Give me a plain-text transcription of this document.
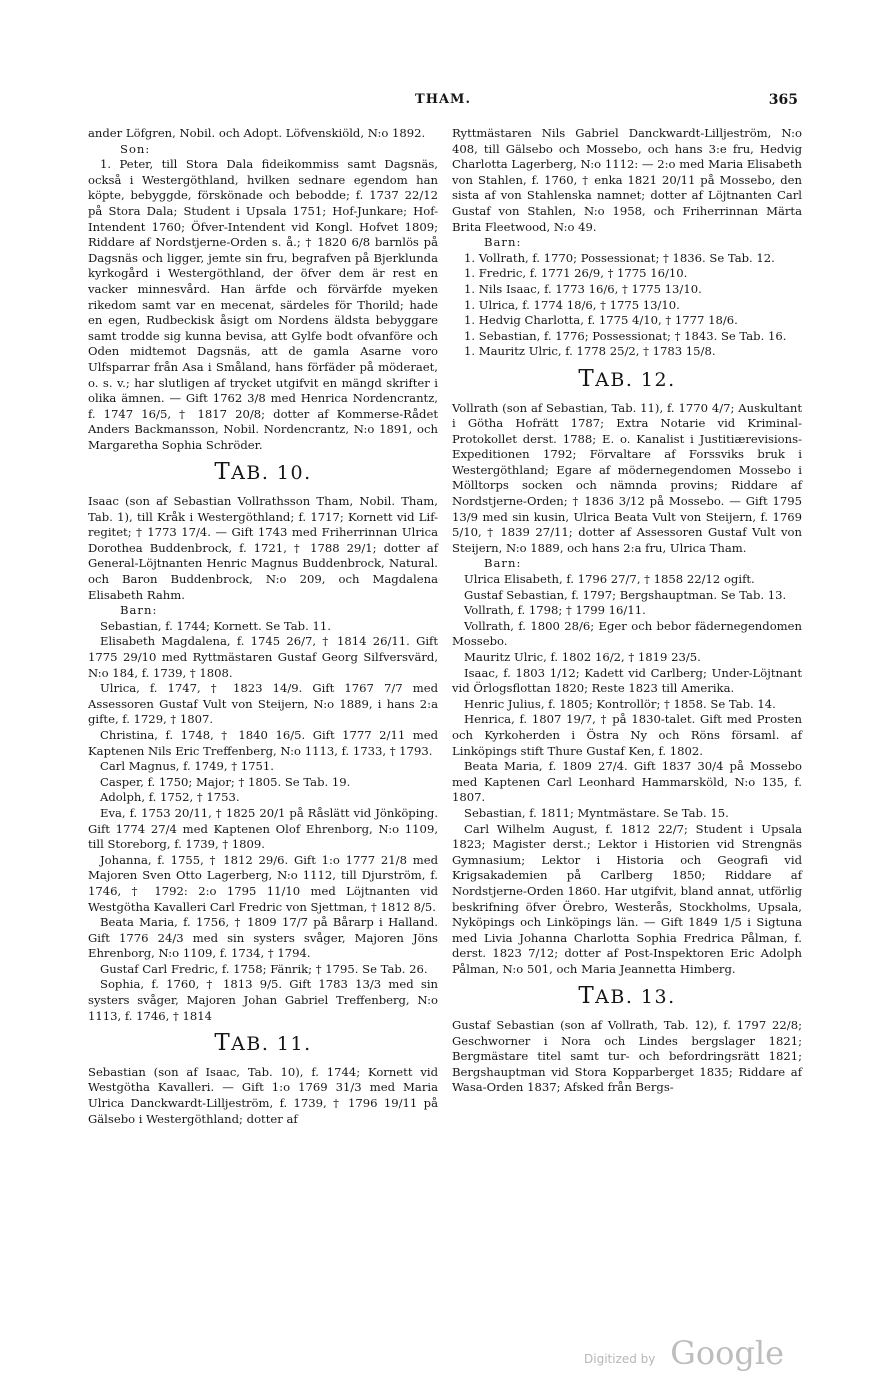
THAM.	365

ander Löfgren, Nobil. och Adopt. Löfvenskiöld, N:o 1892.

Son:

1. Peter, till Stora Dala fideikommiss samt Dagsnäs, också i Westergöthland, hvilken sednare egendom han köpte, bebyggde, förskönade och bebodde; f. 1737 22/12 på Stora Dala; Student i Upsala 1751; Hof-Junkare; Hof-Intendent 1760; Öfver-Intendent vid Kongl. Hofvet 1809; Riddare af Nordstjerne-Orden s. å.; † 1820 6/8 barnlös på Dagsnäs och ligger, jemte sin fru, begrafven på Bjerklunda kyrkogård i Westergöthland, der öfver dem är rest en vacker minnesvård. Han ärfde och förvärfde myeken rikedom samt var en mecenat, särdeles för Thorild; hade en egen, Rudbeckisk åsigt om Nordens äldsta bebyggare samt trodde sig kunna bevisa, att Gylfe bodt ofvanföre och Oden midtemot Dagsnäs, att de gamla Asarne voro Ulfsparrar från Asa i Småland, hans förfäder på möderaet, o. s. v.; har slutligen af trycket utgifvit en mängd skrifter i olika ämnen. — Gift 1762 3/8 med Henrica Nordencrantz, f. 1747 16/5, † 1817 20/8; dotter af Kommerse-Rådet Anders Backmansson, Nobil. Nordencrantz, N:o 1891, och Margaretha Sophia Schröder.

TAB. 10.

Isaac (son af Sebastian Vollrathsson Tham, Nobil. Tham, Tab. 1), till Kråk i Westergöthland; f. 1717; Kornett vid Lif-regitet; † 1773 17/4. — Gift 1743 med Friherrinnan Ulrica Dorothea Buddenbrock, f. 1721, † 1788 29/1; dotter af General-Löjtnanten Henric Magnus Buddenbrock, Natural. och Baron Buddenbrock, N:o 209, och Magdalena Elisabeth Rahm.

Barn:

Sebastian, f. 1744; Kornett. Se Tab. 11.

Elisabeth Magdalena, f. 1745 26/7, † 1814 26/11. Gift 1775 29/10 med Ryttmästaren Gustaf Georg Silfversvärd, N:o 184, f. 1739, † 1808.

Ulrica, f. 1747, † 1823 14/9. Gift 1767 7/7 med Assessoren Gustaf Vult von Steijern, N:o 1889, i hans 2:a gifte, f. 1729, † 1807.

Christina, f. 1748, † 1840 16/5. Gift 1777 2/11 med Kaptenen Nils Eric Treffenberg, N:o 1113, f. 1733, † 1793.

Carl Magnus, f. 1749, † 1751.

Casper, f. 1750; Major; † 1805. Se Tab. 19.

Adolph, f. 1752, † 1753.

Eva, f. 1753 20/11, † 1825 20/1 på Råslätt vid Jönköping. Gift 1774 27/4 med Kaptenen Olof Ehrenborg, N:o 1109, till Storeborg, f. 1739, † 1809.

Johanna, f. 1755, † 1812 29/6. Gift 1:o 1777 21/8 med Majoren Sven Otto Lagerberg, N:o 1112, till Djurström, f. 1746, † 1792: 2:o 1795 11/10 med Löjtnanten vid Westgötha Kavalleri Carl Fredric von Sjettman, † 1812 8/5.

Beata Maria, f. 1756, † 1809 17/7 på Bårarp i Halland. Gift 1776 24/3 med sin systers svåger, Majoren Jöns Ehrenborg, N:o 1109, f. 1734, † 1794.

Gustaf Carl Fredric, f. 1758; Fänrik; † 1795. Se Tab. 26.

Sophia, f. 1760, † 1813 9/5. Gift 1783 13/3 med sin systers svåger, Majoren Johan Gabriel Treffenberg, N:o 1113, f. 1746, † 1814

TAB. 11.

Sebastian (son af Isaac, Tab. 10), f. 1744; Kornett vid Westgötha Kavalleri. — Gift 1:o 1769 31/3 med Maria Ulrica Danckwardt-Lilljeström, f. 1739, † 1796 19/11 på Gälsebo i Westergöthland; dotter af

Ryttmästaren Nils Gabriel Danckwardt-Lilljeström, N:o 408, till Gälsebo och Mossebo, och hans 3:e fru, Hedvig Charlotta Lagerberg, N:o 1112: — 2:o med Maria Elisabeth von Stahlen, f. 1760, † enka 1821 20/11 på Mossebo, den sista af von Stahlenska namnet; dotter af Löjtnanten Carl Gustaf von Stahlen, N:o 1958, och Friherrinnan Märta Brita Fleetwood, N:o 49.

Barn:

1. Vollrath, f. 1770; Possessionat; † 1836. Se Tab. 12.

1. Fredric, f. 1771 26/9, † 1775 16/10.

1. Nils Isaac, f. 1773 16/6, † 1775 13/10.

1. Ulrica, f. 1774 18/6, † 1775 13/10.

1. Hedvig Charlotta, f. 1775 4/10, † 1777 18/6.

1. Sebastian, f. 1776; Possessionat; † 1843. Se Tab. 16.

1. Mauritz Ulric, f. 1778 25/2, † 1783 15/8.

TAB. 12.

Vollrath (son af Sebastian, Tab. 11), f. 1770 4/7; Auskultant i Götha Hofrätt 1787; Extra Notarie vid Kriminal-Protokollet derst. 1788; E. o. Kanalist i Justitiærevisions-Expeditionen 1792; Förvaltare af Forssviks bruk i Westergöthland; Egare af mödernegendomen Mossebo i Mölltorps socken och nämnda provins; Riddare af Nordstjerne-Orden; † 1836 3/12 på Mossebo. — Gift 1795 13/9 med sin kusin, Ulrica Beata Vult von Steijern, f. 1769 5/10, † 1839 27/11; dotter af Assessoren Gustaf Vult von Steijern, N:o 1889, och hans 2:a fru, Ulrica Tham.

Barn:

Ulrica Elisabeth, f. 1796 27/7, † 1858 22/12 ogift.

Gustaf Sebastian, f. 1797; Bergshauptman. Se Tab. 13.

Vollrath, f. 1798; † 1799 16/11.

Vollrath, f. 1800 28/6; Eger och bebor fädernegendomen Mossebo.

Mauritz Ulric, f. 1802 16/2, † 1819 23/5.

Isaac, f. 1803 1/12; Kadett vid Carlberg; Under-Löjtnant vid Örlogsflottan 1820; Reste 1823 till Amerika.

Henric Julius, f. 1805; Kontrollör; † 1858. Se Tab. 14.

Henrica, f. 1807 19/7, † på 1830-talet. Gift med Prosten och Kyrkoherden i Östra Ny och Röns församl. af Linköpings stift Thure Gustaf Ken, f. 1802.

Beata Maria, f. 1809 27/4. Gift 1837 30/4 på Mossebo med Kaptenen Carl Leonhard Hammarsköld, N:o 135, f. 1807.

Sebastian, f. 1811; Myntmästare. Se Tab. 15.

Carl Wilhelm August, f. 1812 22/7; Student i Upsala 1823; Magister derst.; Lektor i Historien vid Strengnäs Gymnasium; Lektor i Historia och Geografi vid Krigsakademien på Carlberg 1850; Riddare af Nordstjerne-Orden 1860. Har utgifvit, bland annat, utförlig beskrifning öfver Örebro, Westerås, Stockholms, Upsala, Nyköpings och Linköpings län. — Gift 1849 1/5 i Sigtuna med Livia Johanna Charlotta Sophia Fredrica Pålman, f. derst. 1823 7/12; dotter af Post-Inspektoren Eric Adolph Pålman, N:o 501, och Maria Jeannetta Himberg.

TAB. 13.

Gustaf Sebastian (son af Vollrath, Tab. 12), f. 1797 22/8; Geschworner i Nora och Lindes bergslager 1821; Bergmästare titel samt tur- och befordringsrätt 1821; Bergshauptman vid Stora Kopparberget 1835; Riddare af Wasa-Orden 1837; Afsked från Bergs-

Digitized by Google
